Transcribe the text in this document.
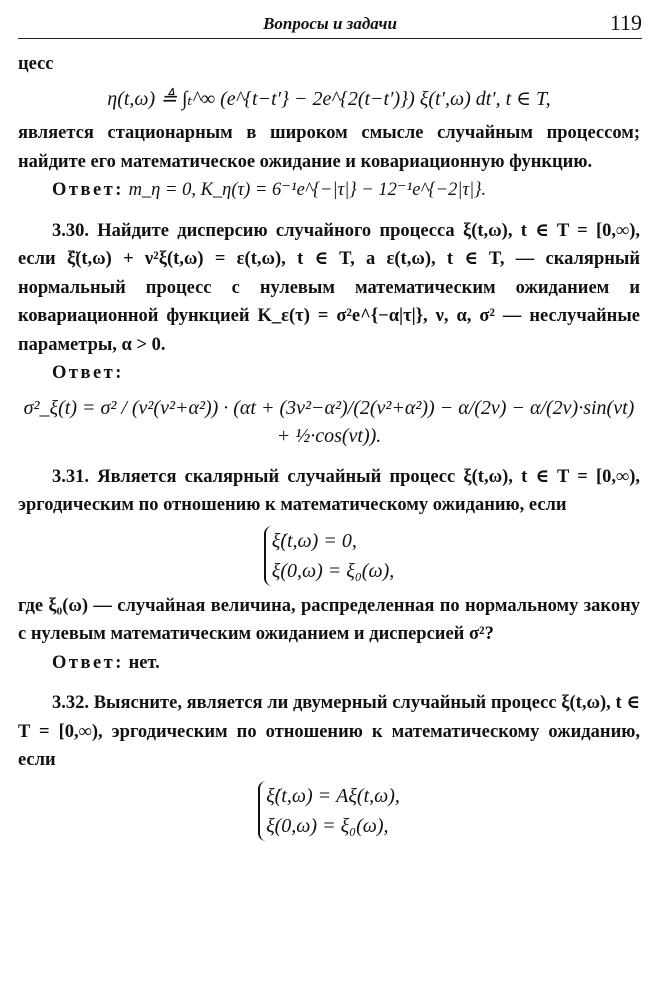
Вопросы и задачи	119

цесс

η(t,ω) ≜ ∫ₜ^∞ (e^{t−t′} − 2e^{2(t−t′)}) ξ(t′,ω) dt′, t ∈ T,

является стационарным в широком смысле случайным процессом; найдите его математическое ожидание и ковариационную функцию.

Ответ: m_η = 0, K_η(τ) = 6⁻¹e^{−|τ|} − 12⁻¹e^{−2|τ|}.

3.30. Найдите дисперсию случайного процесса ξ(t,ω), t ∈ T = [0,∞), если ξ̈(t,ω) + ν²ξ(t,ω) = ε(t,ω), t ∈ T, а ε(t,ω), t ∈ T, — скалярный нормальный процесс с нулевым математическим ожиданием и ковариационной функцией K_ε(τ) = σ²e^{−α|τ|}, ν, α, σ² — неслучайные параметры, α > 0.

Ответ:

σ²_ξ(t) = σ² / (ν²(ν²+α²)) · (αt + (3ν²−α²)/(2(ν²+α²)) − α/(2ν) − α/(2ν)·sin(νt) + ½·cos(νt)).

3.31. Является скалярный случайный процесс ξ(t,ω), t ∈ T = [0,∞), эргодическим по отношению к математическому ожиданию, если

ξ̇(t,ω) = 0,
ξ(0,ω) = ξ₀(ω),

где ξ₀(ω) — случайная величина, распределенная по нормальному закону с нулевым математическим ожиданием и дисперсией σ²?

Ответ: нет.

3.32. Выясните, является ли двумерный случайный процесс ξ(t,ω), t ∈ T = [0,∞), эргодическим по отношению к математическому ожиданию, если

ξ̇(t,ω) = Aξ(t,ω),
ξ(0,ω) = ξ₀(ω),
